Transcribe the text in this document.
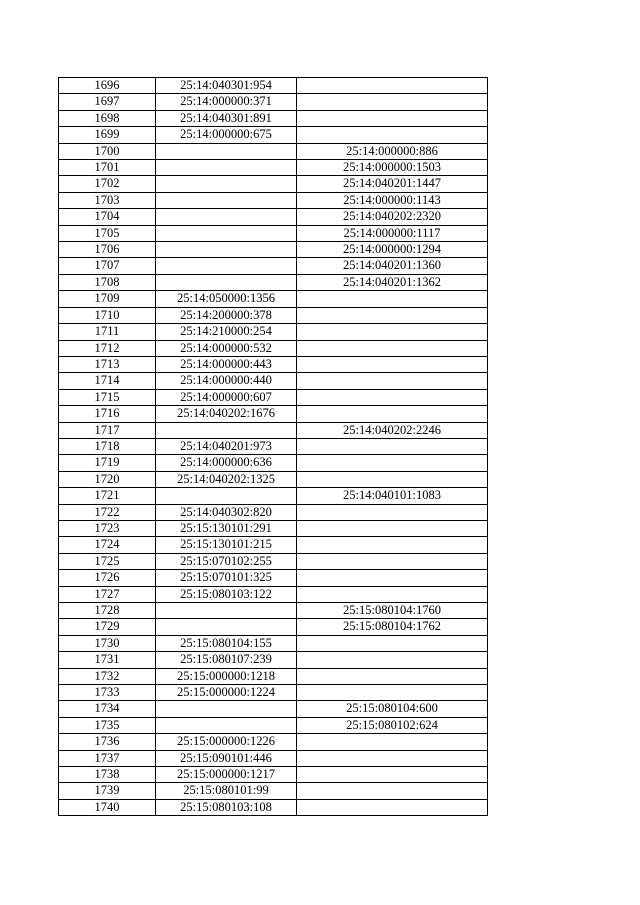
1696	25:14:040301:954	
1697	25:14:000000:371	
1698	25:14:040301:891	
1699	25:14:000000:675	
1700		25:14:000000:886
1701		25:14:000000:1503
1702		25:14:040201:1447
1703		25:14:000000:1143
1704		25:14:040202:2320
1705		25:14:000000:1117
1706		25:14:000000:1294
1707		25:14:040201:1360
1708		25:14:040201:1362
1709	25:14:050000:1356	
1710	25:14:200000:378	
1711	25:14:210000:254	
1712	25:14:000000:532	
1713	25:14:000000:443	
1714	25:14:000000:440	
1715	25:14:000000:607	
1716	25:14:040202:1676	
1717		25:14:040202:2246
1718	25:14:040201:973	
1719	25:14:000000:636	
1720	25:14:040202:1325	
1721		25:14:040101:1083
1722	25:14:040302:820	
1723	25:15:130101:291	
1724	25:15:130101:215	
1725	25:15:070102:255	
1726	25:15:070101:325	
1727	25:15:080103:122	
1728		25:15:080104:1760
1729		25:15:080104:1762
1730	25:15:080104:155	
1731	25:15:080107:239	
1732	25:15:000000:1218	
1733	25:15:000000:1224	
1734		25:15:080104:600
1735		25:15:080102:624
1736	25:15:000000:1226	
1737	25:15:090101:446	
1738	25:15:000000:1217	
1739	25:15:080101:99	
1740	25:15:080103:108	
